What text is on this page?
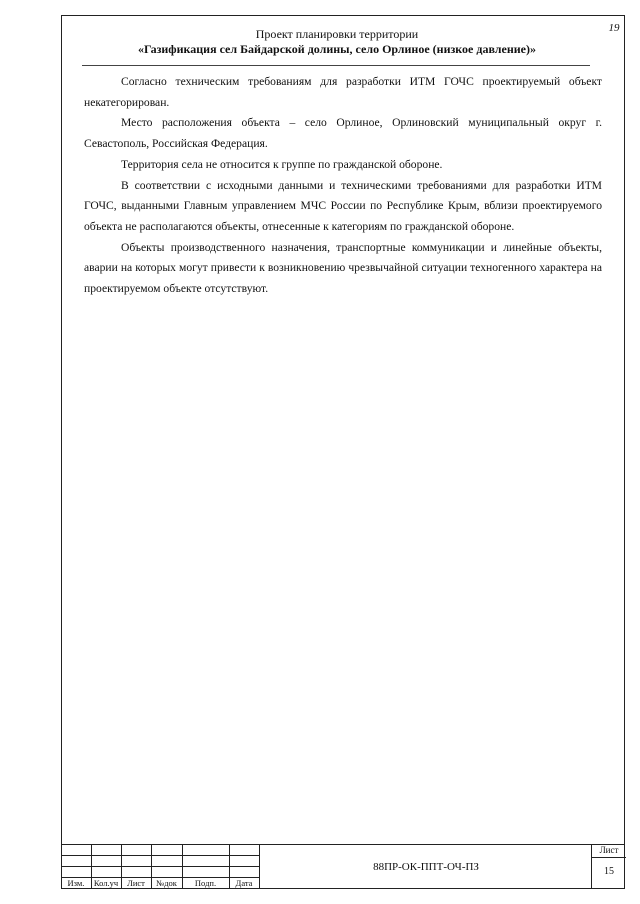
19
Проект планировки территории
«Газификация сел Байдарской долины, село Орлиное (низкое давление)»

Согласно техническим требованиям для разработки ИТМ ГОЧС проектируемый объект некатегорирован.

Место расположения объекта – село Орлиное, Орлиновский муниципальный округ г. Севастополь, Российская Федерация.

Территория села не относится к группе по гражданской обороне.

В соответствии с исходными данными и техническими требованиями для разработки ИТМ ГОЧС, выданными Главным управлением МЧС России по Республике Крым, вблизи проектируемого объекта не располагаются объекты, отнесенные к категориям по гражданской обороне.

Объекты производственного назначения, транспортные коммуникации и линейные объекты, аварии на которых могут привести к возникновению чрезвычайной ситуации техногенного характера на проектируемом объекте отсутствуют.

Изм.	Кол.уч	Лист	№док	Подп.	Дата
88ПР-ОК-ППТ-ОЧ-ПЗ
Лист
15
